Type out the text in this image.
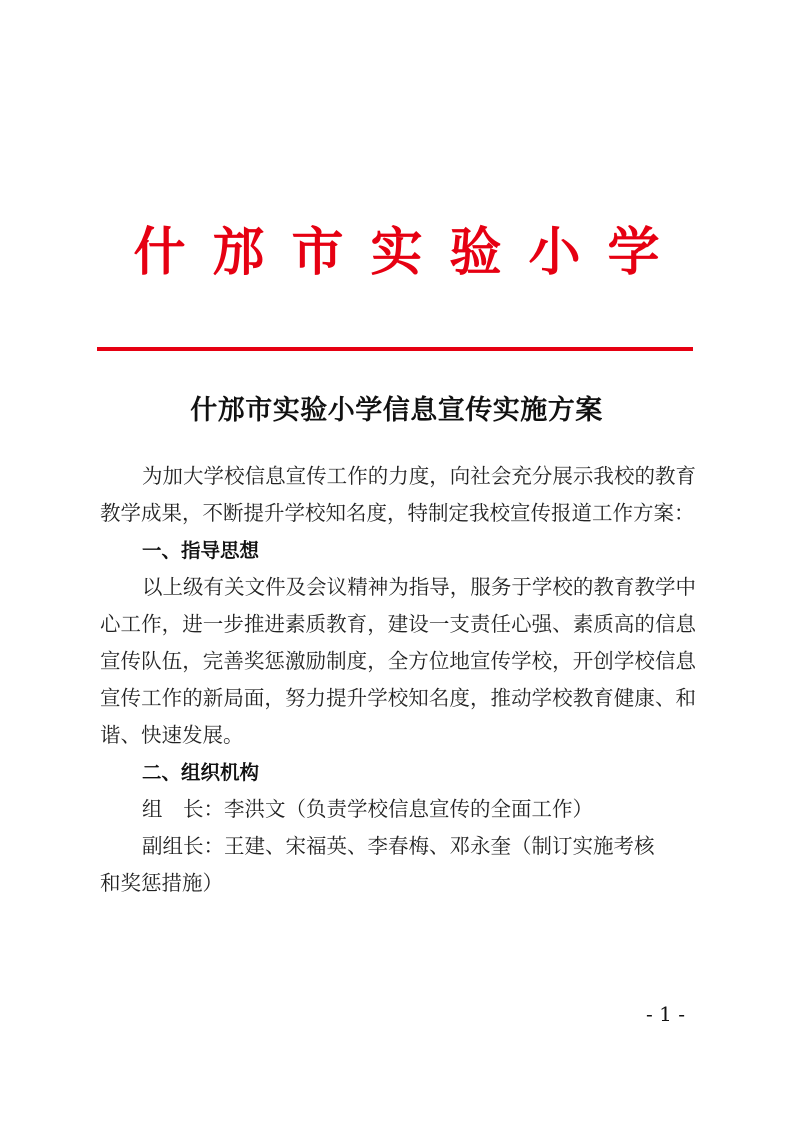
什邡市实验小学
什邡市实验小学信息宣传实施方案

为加大学校信息宣传工作的力度，向社会充分展示我校的教育教学成果，不断提升学校知名度，特制定我校宣传报道工作方案：

一、指导思想

以上级有关文件及会议精神为指导，服务于学校的教育教学中心工作，进一步推进素质教育，建设一支责任心强、素质高的信息宣传队伍，完善奖惩激励制度，全方位地宣传学校，开创学校信息宣传工作的新局面，努力提升学校知名度，推动学校教育健康、和谐、快速发展。

二、组织机构
组　长：李洪文（负责学校信息宣传的全面工作）
副组长：王建、宋福英、李春梅、邓永奎（制订实施考核
和奖惩措施）
- 1 -
